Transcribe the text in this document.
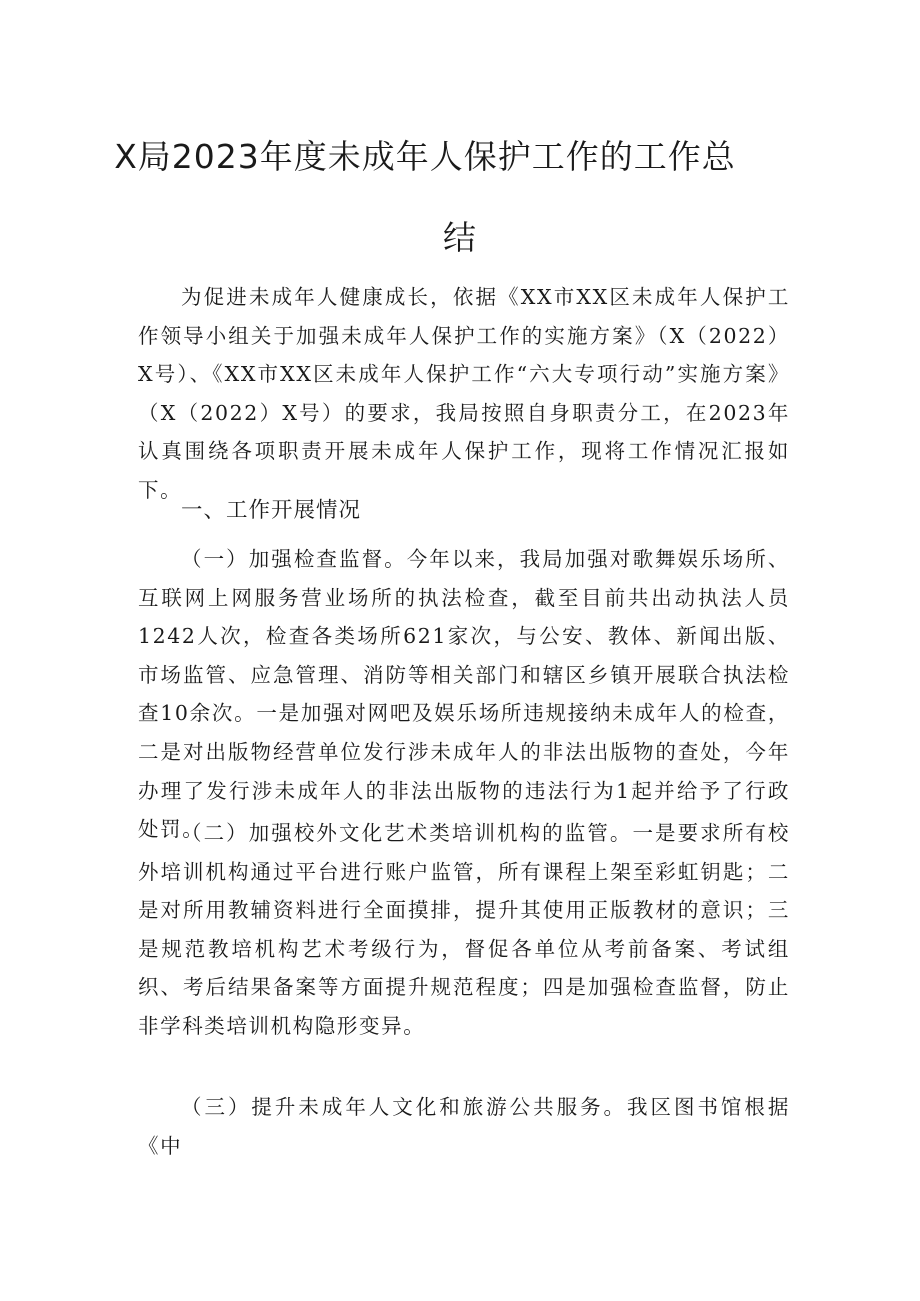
X局2023年度未成年人保护工作的工作总
结

为促进未成年人健康成长，依据《XX市XX区未成年人保护工作领导小组关于加强未成年人保护工作的实施方案》（X（2022）X号）、《XX市XX区未成年人保护工作“六大专项行动”实施方案》（X（2022）X号）的要求，我局按照自身职责分工，在2023年认真围绕各项职责开展未成年人保护工作，现将工作情况汇报如下。

一、工作开展情况

（一）加强检查监督。今年以来，我局加强对歌舞娱乐场所、互联网上网服务营业场所的执法检查，截至目前共出动执法人员1242人次，检查各类场所621家次，与公安、教体、新闻出版、市场监管、应急管理、消防等相关部门和辖区乡镇开展联合执法检查10余次。一是加强对网吧及娱乐场所违规接纳未成年人的检查，二是对出版物经营单位发行涉未成年人的非法出版物的查处，今年办理了发行涉未成年人的非法出版物的违法行为1起并给予了行政处罚。

（二）加强校外文化艺术类培训机构的监管。一是要求所有校外培训机构通过平台进行账户监管，所有课程上架至彩虹钥匙；二是对所用教辅资料进行全面摸排，提升其使用正版教材的意识；三是规范教培机构艺术考级行为，督促各单位从考前备案、考试组织、考后结果备案等方面提升规范程度；四是加强检查监督，防止非学科类培训机构隐形变异。

（三）提升未成年人文化和旅游公共服务。我区图书馆根据《中
